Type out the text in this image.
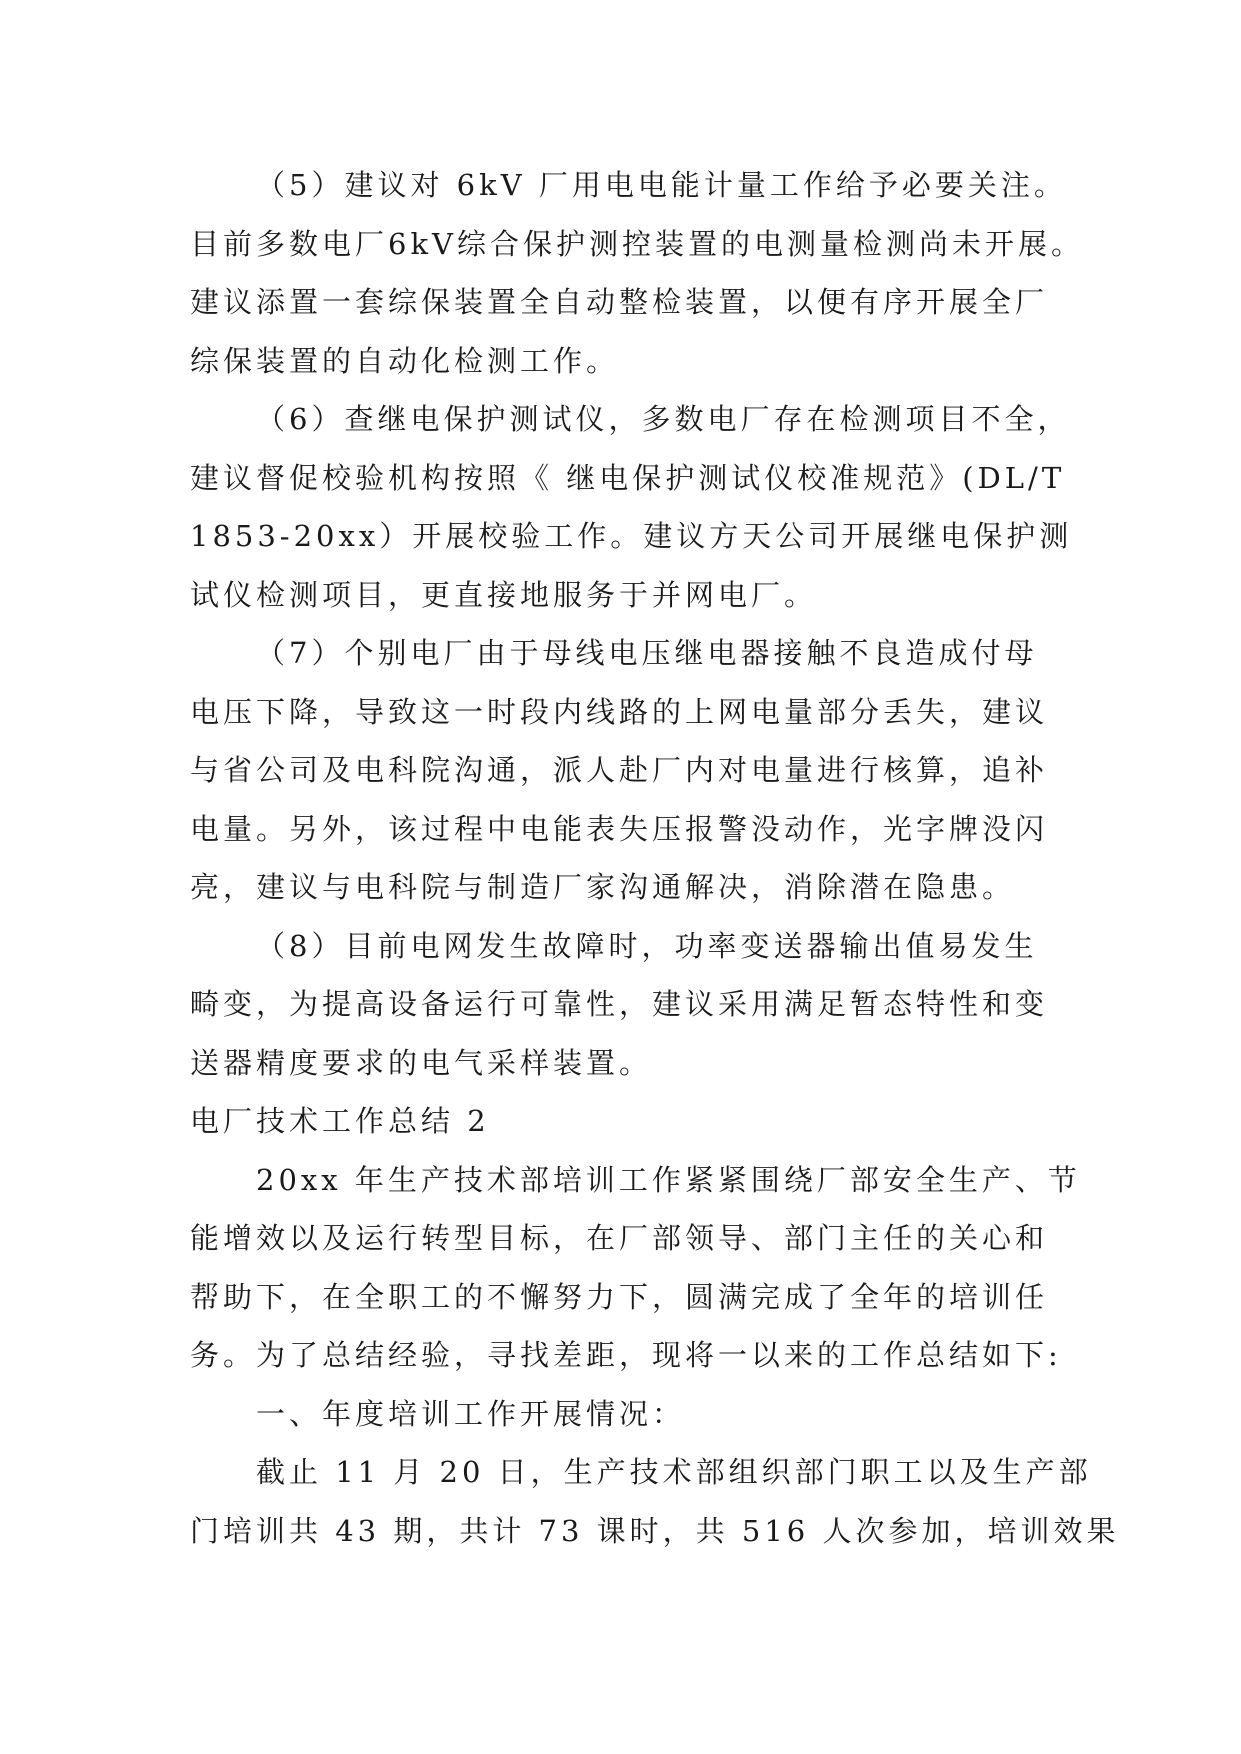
（5）建议对 6kV 厂用电电能计量工作给予必要关注。
目前多数电厂6kV综合保护测控装置的电测量检测尚未开展。
建议添置一套综保装置全自动整检装置，以便有序开展全厂
综保装置的自动化检测工作。
（6）查继电保护测试仪，多数电厂存在检测项目不全，
建议督促校验机构按照《 继电保护测试仪校准规范》(DL/T
1853-20xx）开展校验工作。建议方天公司开展继电保护测
试仪检测项目，更直接地服务于并网电厂。
（7）个别电厂由于母线电压继电器接触不良造成付母
电压下降，导致这一时段内线路的上网电量部分丢失，建议
与省公司及电科院沟通，派人赴厂内对电量进行核算，追补
电量。另外，该过程中电能表失压报警没动作，光字牌没闪
亮，建议与电科院与制造厂家沟通解决，消除潜在隐患。
（8）目前电网发生故障时，功率变送器输出值易发生
畸变，为提高设备运行可靠性，建议采用满足暂态特性和变
送器精度要求的电气采样装置。
电厂技术工作总结 2
20xx 年生产技术部培训工作紧紧围绕厂部安全生产、节
能增效以及运行转型目标，在厂部领导、部门主任的关心和
帮助下，在全职工的不懈努力下，圆满完成了全年的培训任
务。为了总结经验，寻找差距，现将一以来的工作总结如下:
一、年度培训工作开展情况：
截止 11 月 20 日，生产技术部组织部门职工以及生产部
门培训共 43 期，共计 73 课时，共 516 人次参加，培训效果
